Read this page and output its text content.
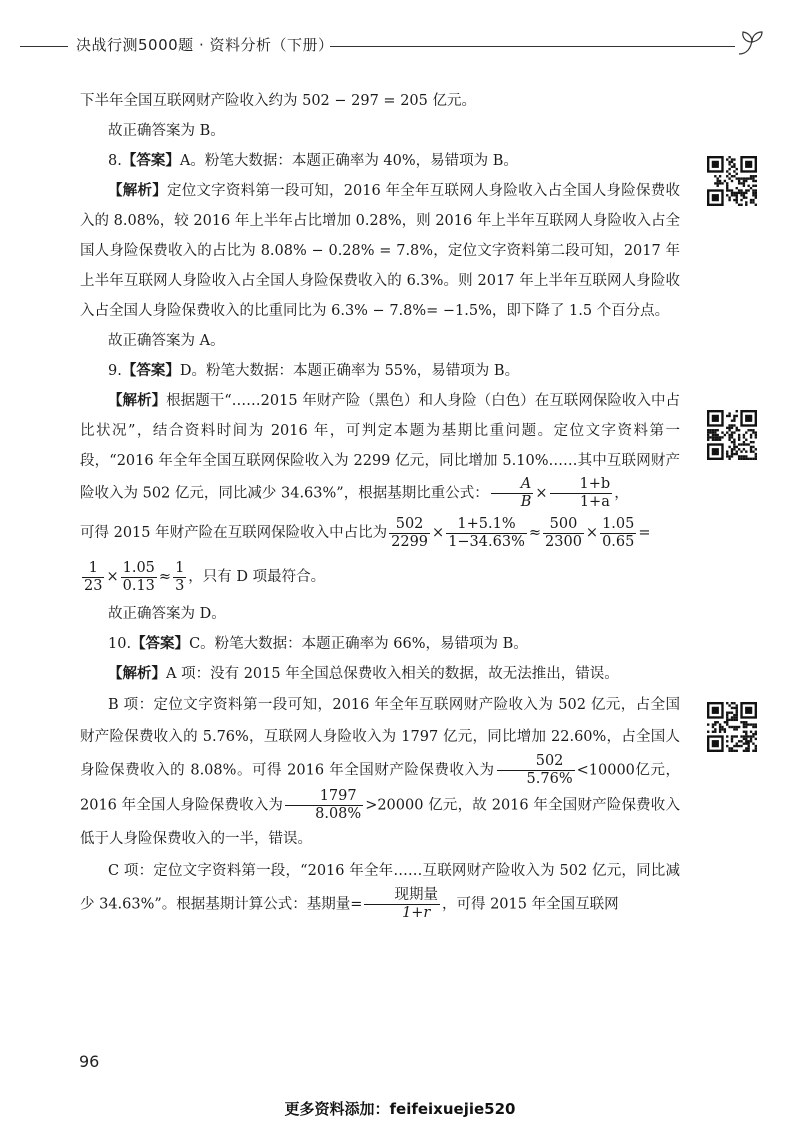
决战行测5000题 · 资料分析（下册）

下半年全国互联网财产险收入约为 502 − 297 = 205 亿元。

故正确答案为 B。

8.【答案】A。粉笔大数据：本题正确率为 40%，易错项为 B。

【解析】定位文字资料第一段可知，2016 年全年互联网人身险收入占全国人身险保费收入的 8.08%，较 2016 年上半年占比增加 0.28%，则 2016 年上半年互联网人身险收入占全国人身险保费收入的占比为 8.08% − 0.28% = 7.8%，定位文字资料第二段可知，2017 年上半年互联网人身险收入占全国人身险保费收入的 6.3%。则 2017 年上半年互联网人身险收入占全国人身险保费收入的比重同比为 6.3% − 7.8%= −1.5%，即下降了 1.5 个百分点。

故正确答案为 A。

9.【答案】D。粉笔大数据：本题正确率为 55%，易错项为 B。

【解析】根据题干“……2015 年财产险（黑色）和人身险（白色）在互联网保险收入中占比状况”，结合资料时间为 2016 年，可判定本题为基期比重问题。定位文字资料第一段，“2016 年全年全国互联网保险收入为 2299 亿元，同比增加 5.10%……其中互联网财产险收入为 502 亿元，同比减少 34.63%”，根据基期比重公式： $\frac{A}{B} \times \frac{1+b}{1+a}$ ，

可得 2015 年财产险在互联网保险收入中占比为 $\frac{502}{2299} \times \frac{1+5.1\%}{1-34.63\%} \approx \frac{500}{2300} \times \frac{1.05}{0.65}$ =

$\frac{1}{23} \times \frac{1.05}{0.13} \approx \frac{1}{3}$ ，只有 D 项最符合。

故正确答案为 D。

10.【答案】C。粉笔大数据：本题正确率为 66%，易错项为 B。

【解析】A 项：没有 2015 年全国总保费收入相关的数据，故无法推出，错误。

B 项：定位文字资料第一段可知，2016 年全年互联网财产险收入为 502 亿元，占全国财产险保费收入的 5.76%，互联网人身险收入为 1797 亿元，同比增加 22.60%，占全国人身险保费收入的 8.08%。可得 2016 年全国财产险保费收入为 $\frac{502}{5.76\%} <10000$亿元，2016 年全国人身险保费收入为 $\frac{1797}{8.08\%} >20000$ 亿元，故 2016 年全国财产险保费收入低于人身险保费收入的一半，错误。

C 项：定位文字资料第一段，“2016 年全年……互联网财产险收入为 502 亿元，同比减少 34.63%”。根据基期计算公式：基期量= $\frac{\text{现期量}}{1+r}$ ，可得 2015 年全国互联网

96
更多资料添加：feifeixuejie520
